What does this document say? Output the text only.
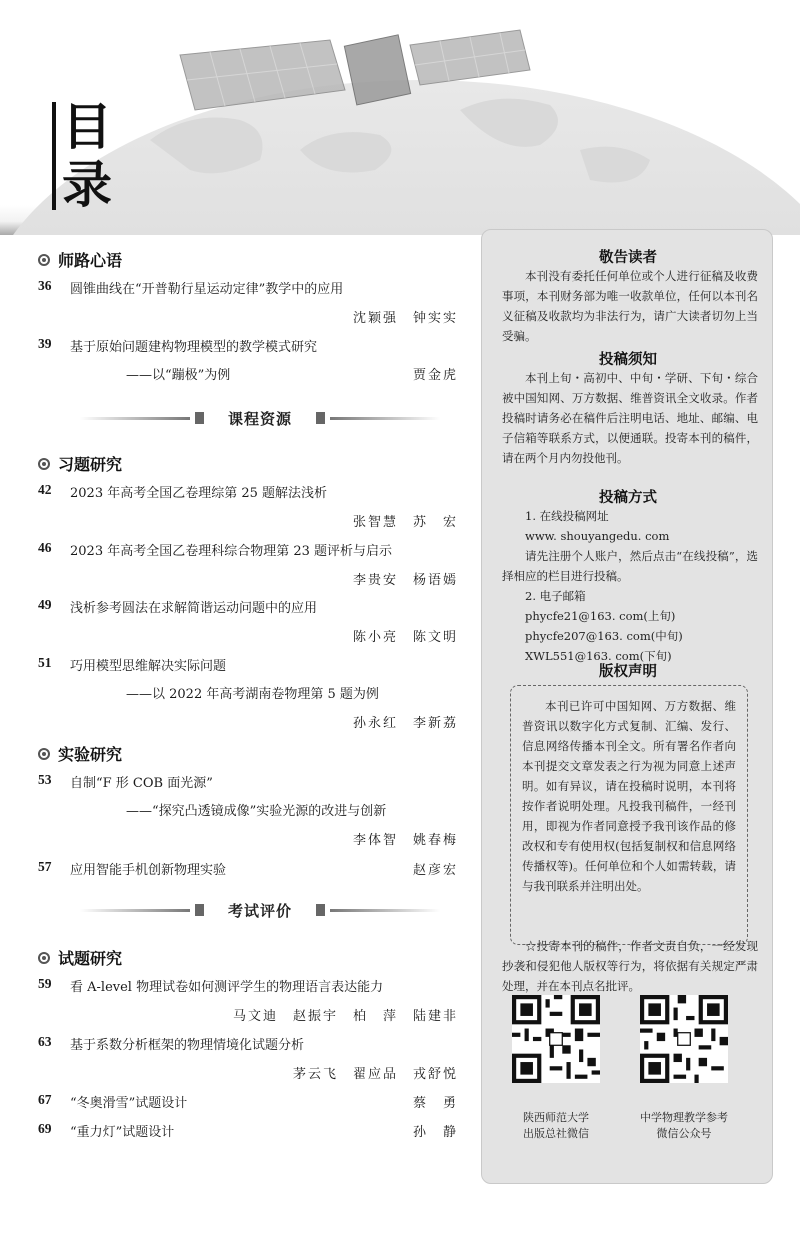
目录
师路心语
36 圆锥曲线在“开普勒行星运动定律”教学中的应用
沈颖强　钟实实
39 基于原始问题建构物理模型的教学模式研究
——以“蹦极”为例	贾金虎
课程资源
习题研究
42 2023 年高考全国乙卷理综第 25 题解法浅析
张智慧　苏　宏
46 2023 年高考全国乙卷理科综合物理第 23 题评析与启示
李贵安　杨语嫣
49 浅析参考圆法在求解简谐运动问题中的应用
陈小亮　陈文明
51 巧用模型思维解决实际问题
——以 2022 年高考湖南卷物理第 5 题为例
孙永红　李新荔
实验研究
53 自制“F 形 COB 面光源”
——“探究凸透镜成像”实验光源的改进与创新
李体智　姚春梅
57 应用智能手机创新物理实验	赵彦宏
考试评价
试题研究
59 看 A-level 物理试卷如何测评学生的物理语言表达能力
马文迪　赵振宇　柏　萍　陆建非
63 基于系数分析框架的物理情境化试题分析
茅云飞　翟应品　戎舒悦
67 “冬奥滑雪”试题设计	蔡　勇
69 “重力灯”试题设计	孙　静
敬告读者

本刊没有委托任何单位或个人进行征稿及收费事项，本刊财务部为唯一收款单位，任何以本刊名义征稿及收款均为非法行为，请广大读者切勿上当受骗。

投稿须知

本刊上旬・高初中、中旬・学研、下旬・综合被中国知网、万方数据、维普资讯全文收录。作者投稿时请务必在稿件后注明电话、地址、邮编、电子信箱等联系方式，以便通联。投寄本刊的稿件，请在两个月内勿投他刊。

投稿方式

1. 在线投稿网址

www. shouyangedu. com

请先注册个人账户，然后点击“在线投稿”，选择相应的栏目进行投稿。

2. 电子邮箱

phycfe21@163. com(上旬)

phycfe207@163. com(中旬)

XWL551@163. com(下旬)

版权声明

本刊已许可中国知网、万方数据、维普资讯以数字化方式复制、汇编、发行、信息网络传播本刊全文。所有署名作者向本刊提交文章发表之行为视为同意上述声明。如有异议，请在投稿时说明，本刊将按作者说明处理。凡投我刊稿件，一经刊用，即视为作者同意授予我刊该作品的修改权和专有使用权(包括复制权和信息网络传播权等)。任何单位和个人如需转载，请与我刊联系并注明出处。

☆投寄本刊的稿件，作者文责自负，一经发现抄袭和侵犯他人版权等行为，将依据有关规定严肃处理，并在本刊点名批评。

陕西师范大学
出版总社微信
中学物理教学参考
微信公众号
